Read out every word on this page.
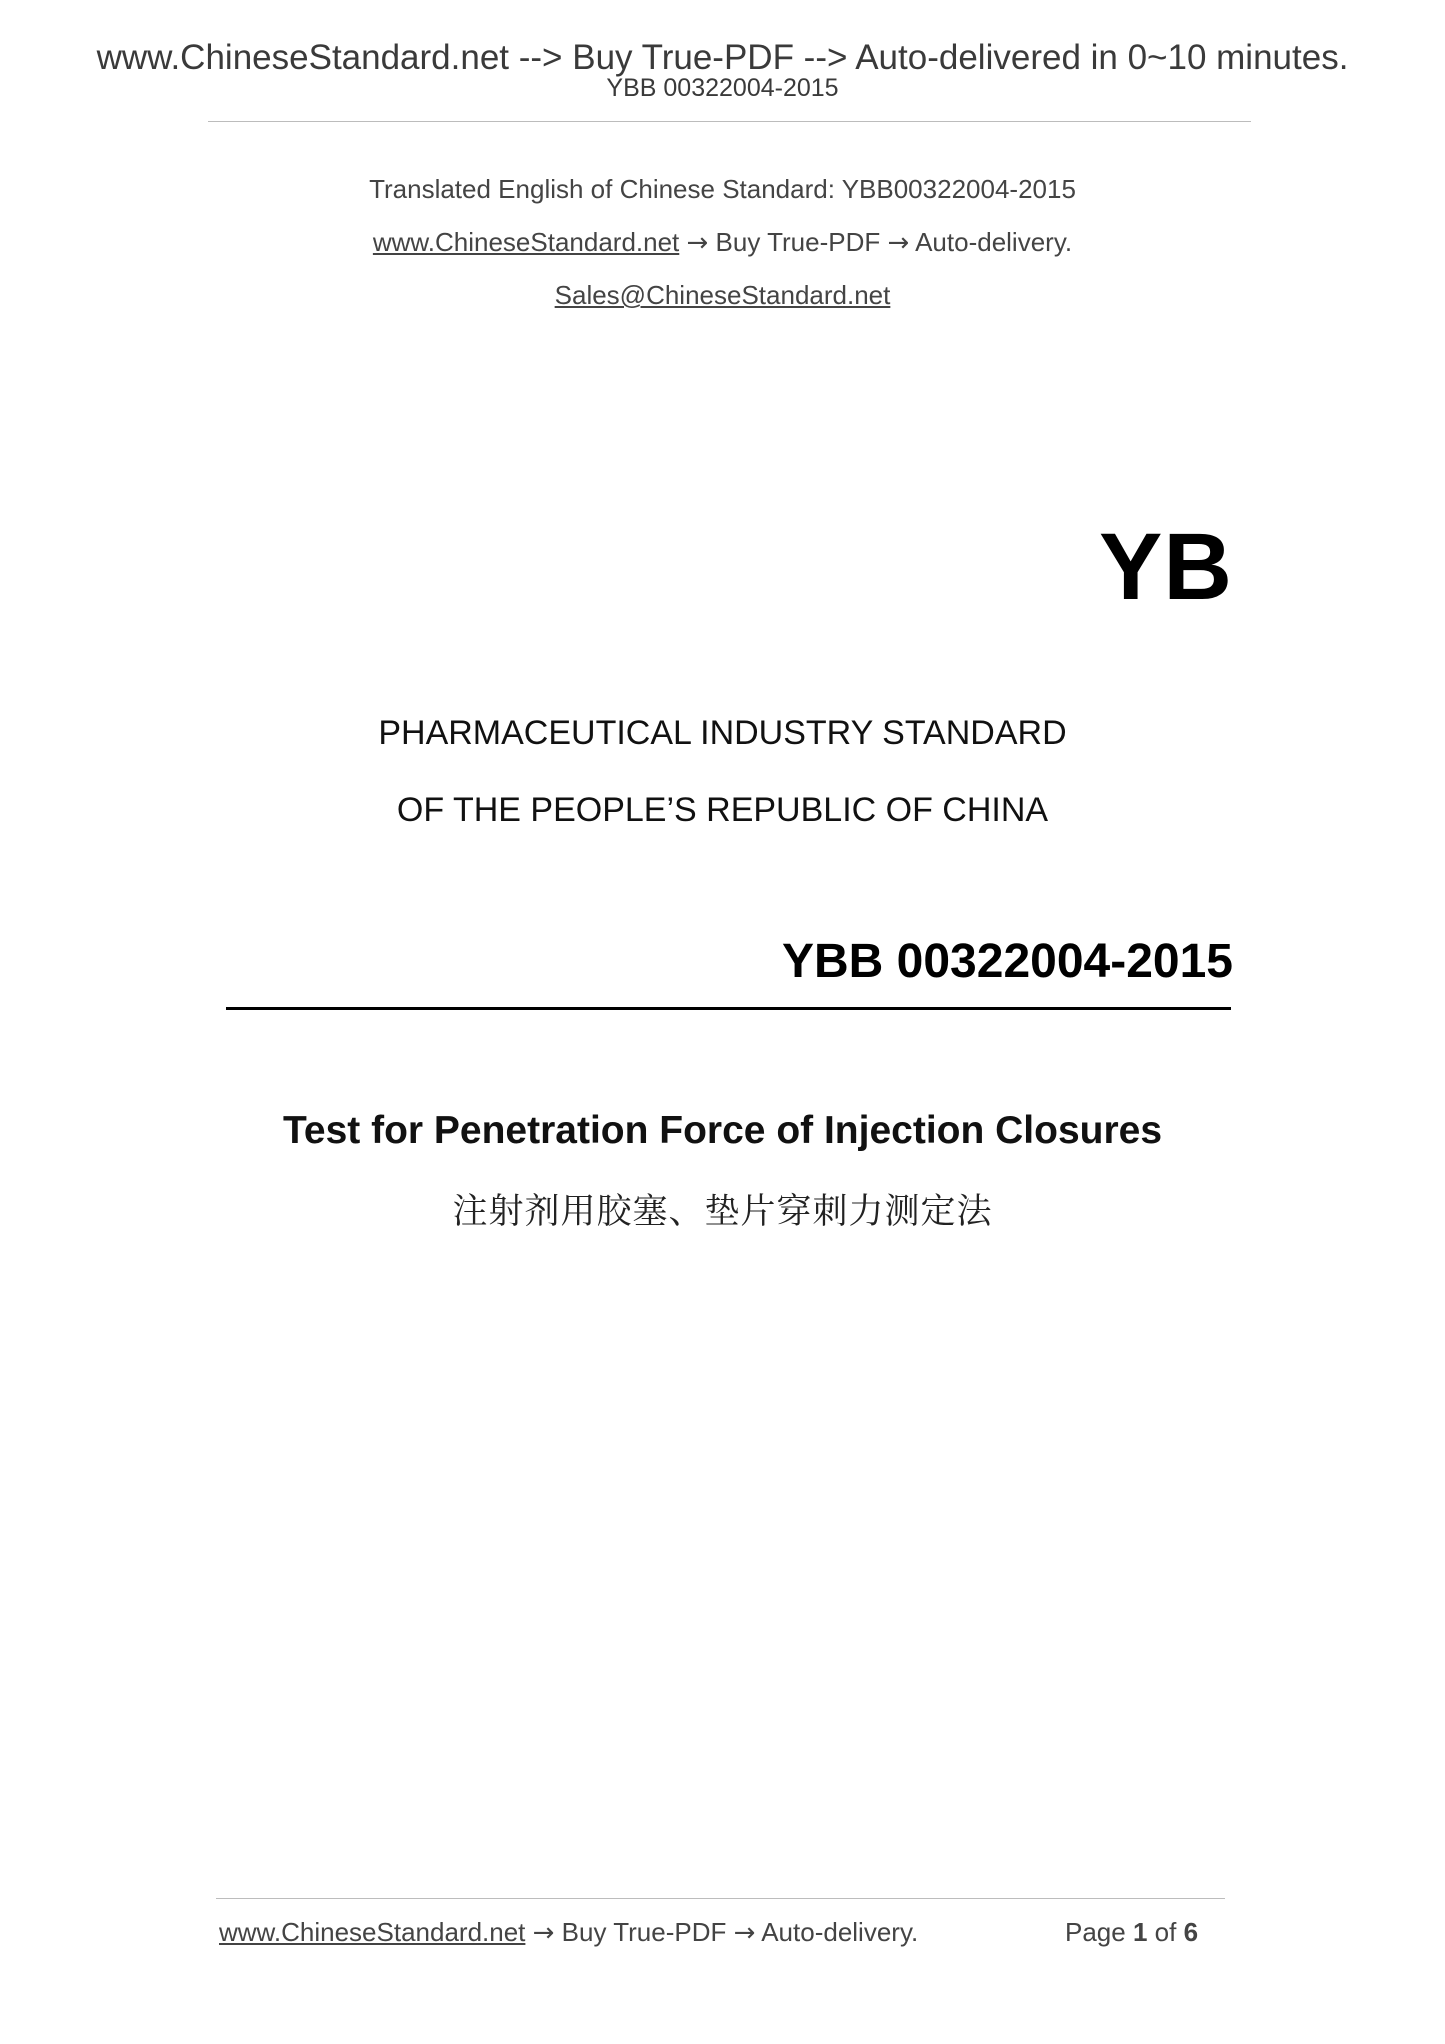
www.ChineseStandard.net --> Buy True-PDF --> Auto-delivered in 0~10 minutes.
YBB 00322004-2015
Translated English of Chinese Standard: YBB00322004-2015
www.ChineseStandard.net → Buy True-PDF → Auto-delivery.
Sales@ChineseStandard.net
YB
PHARMACEUTICAL INDUSTRY STANDARD
OF THE PEOPLE’S REPUBLIC OF CHINA
YBB 00322004-2015
Test for Penetration Force of Injection Closures
注射剂用胶塞、垫片穿刺力测定法
www.ChineseStandard.net → Buy True-PDF → Auto-delivery.	Page 1 of 6
